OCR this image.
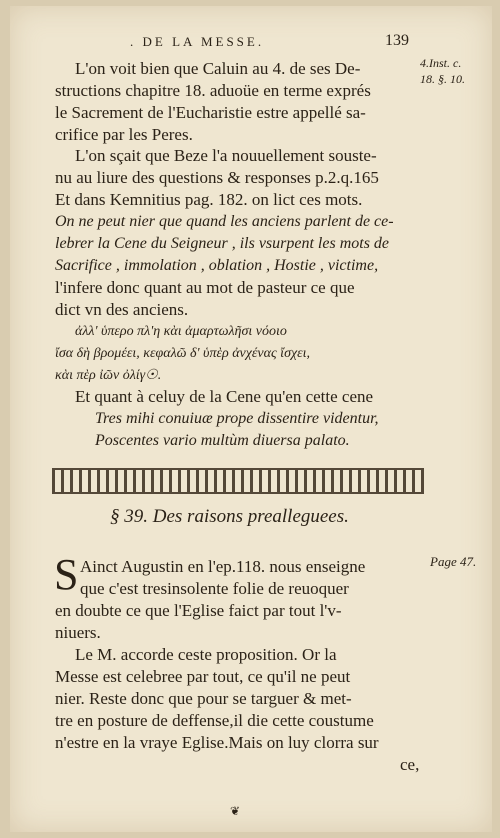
. DE LA MESSE.	139
4.Inst. c.
18. §. 10.
L'on voit bien que Caluin au 4. de ses De-
structions chapitre 18. aduoüe en terme exprés
le Sacrement de l'Eucharistie estre appellé sa-
crifice par les Peres.
L'on sçait que Beze l'a nouuellement souste-
nu au liure des questions & responses p.2.q.165
Et dans Kemnitius pag. 182. on lict ces mots.
On ne peut nier que quand les anciens parlent de ce-
lebrer la Cene du Seigneur , ils vsurpent les mots de
Sacrifice , immolation , oblation , Hostie , victime,
l'infere donc quant au mot de pasteur ce que
dict vn des anciens.
ἀλλ' ὑπερο πλ'η κὰι ἀμαρτωλῆσι νόοιο
ἴσα δὴ βρομέει, κεφαλῶ δ' ὑπὲρ ἀνχένας ἴσχει,
κὰι πὲρ ἰῶν ὀλίγ☉.
Et quant à celuy de la Cene qu'en cette cene
Tres mihi conuiuæ prope dissentire videntur,
Poscentes vario multùm diuersa palato.
§ 39. Des raisons prealleguees.
S	Page 47.
Ainct Augustin en l'ep.118. nous enseigne
que c'est tresinsolente folie de reuoquer
en doubte ce que l'Eglise faict par tout l'v-
niuers.
Le M. accorde ceste proposition. Or la
Messe est celebree par tout, ce qu'il ne peut
nier. Reste donc que pour se targuer & met-
tre en posture de deffense,il die cette coustume
n'estre en la vraye Eglise.Mais on luy clorra sur
ce,
❦
